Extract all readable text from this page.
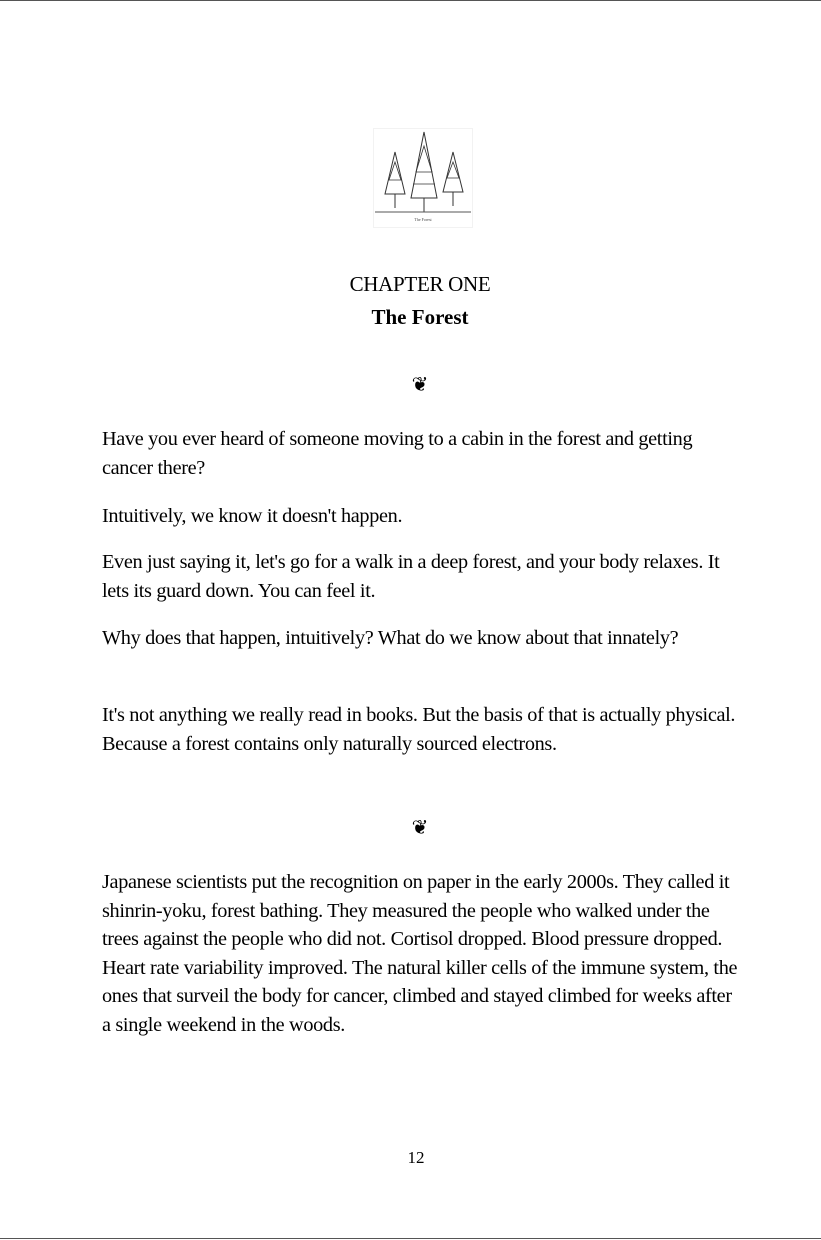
The Forest
CHAPTER ONE
The Forest
❦

Have you ever heard of someone moving to a cabin in the forest and getting cancer there?

Intuitively, we know it doesn't happen.

Even just saying it, let's go for a walk in a deep forest, and your body relaxes. It lets its guard down. You can feel it.

Why does that happen, intuitively? What do we know about that innately?

It's not anything we really read in books. But the basis of that is actually physical. Because a forest contains only naturally sourced electrons.

❦

Japanese scientists put the recognition on paper in the early 2000s. They called it shinrin-yoku, forest bathing. They measured the people who walked under the trees against the people who did not. Cortisol dropped. Blood pressure dropped. Heart rate variability improved. The natural killer cells of the immune system, the ones that surveil the body for cancer, climbed and stayed climbed for weeks after a single weekend in the woods.

12
